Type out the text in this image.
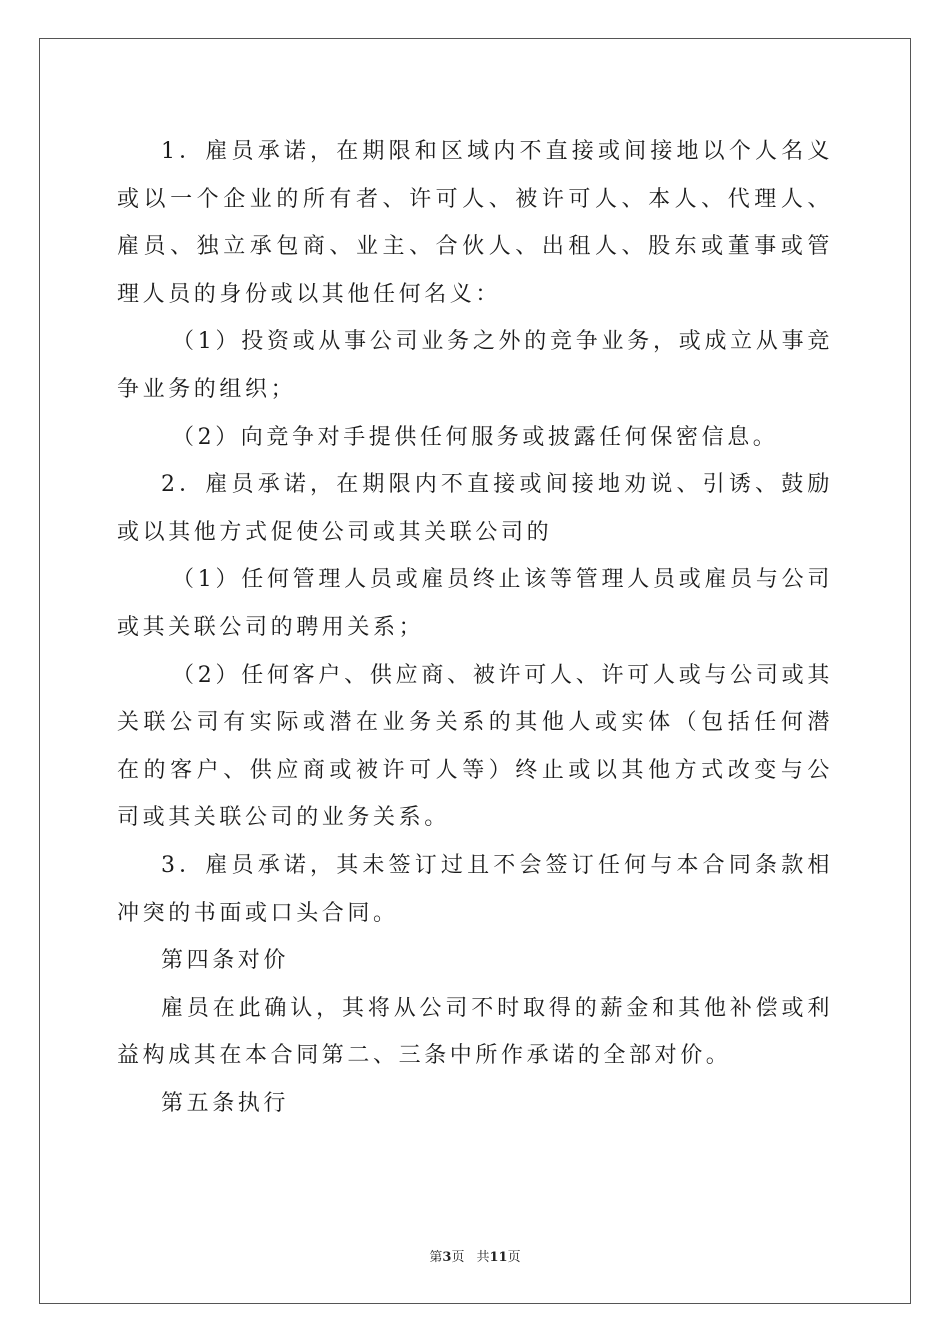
1．雇员承诺，在期限和区域内不直接或间接地以个人名义或以一个企业的所有者、许可人、被许可人、本人、代理人、雇员、独立承包商、业主、合伙人、出租人、股东或董事或管理人员的身份或以其他任何名义：

（1）投资或从事公司业务之外的竞争业务，或成立从事竞争业务的组织；

（2）向竞争对手提供任何服务或披露任何保密信息。

2．雇员承诺，在期限内不直接或间接地劝说、引诱、鼓励或以其他方式促使公司或其关联公司的

（1）任何管理人员或雇员终止该等管理人员或雇员与公司或其关联公司的聘用关系；

（2）任何客户、供应商、被许可人、许可人或与公司或其关联公司有实际或潜在业务关系的其他人或实体（包括任何潜在的客户、供应商或被许可人等）终止或以其他方式改变与公司或其关联公司的业务关系。

3．雇员承诺，其未签订过且不会签订任何与本合同条款相冲突的书面或口头合同。

第四条对价

雇员在此确认，其将从公司不时取得的薪金和其他补偿或利益构成其在本合同第二、三条中所作承诺的全部对价。

第五条执行

第3页 共11页
